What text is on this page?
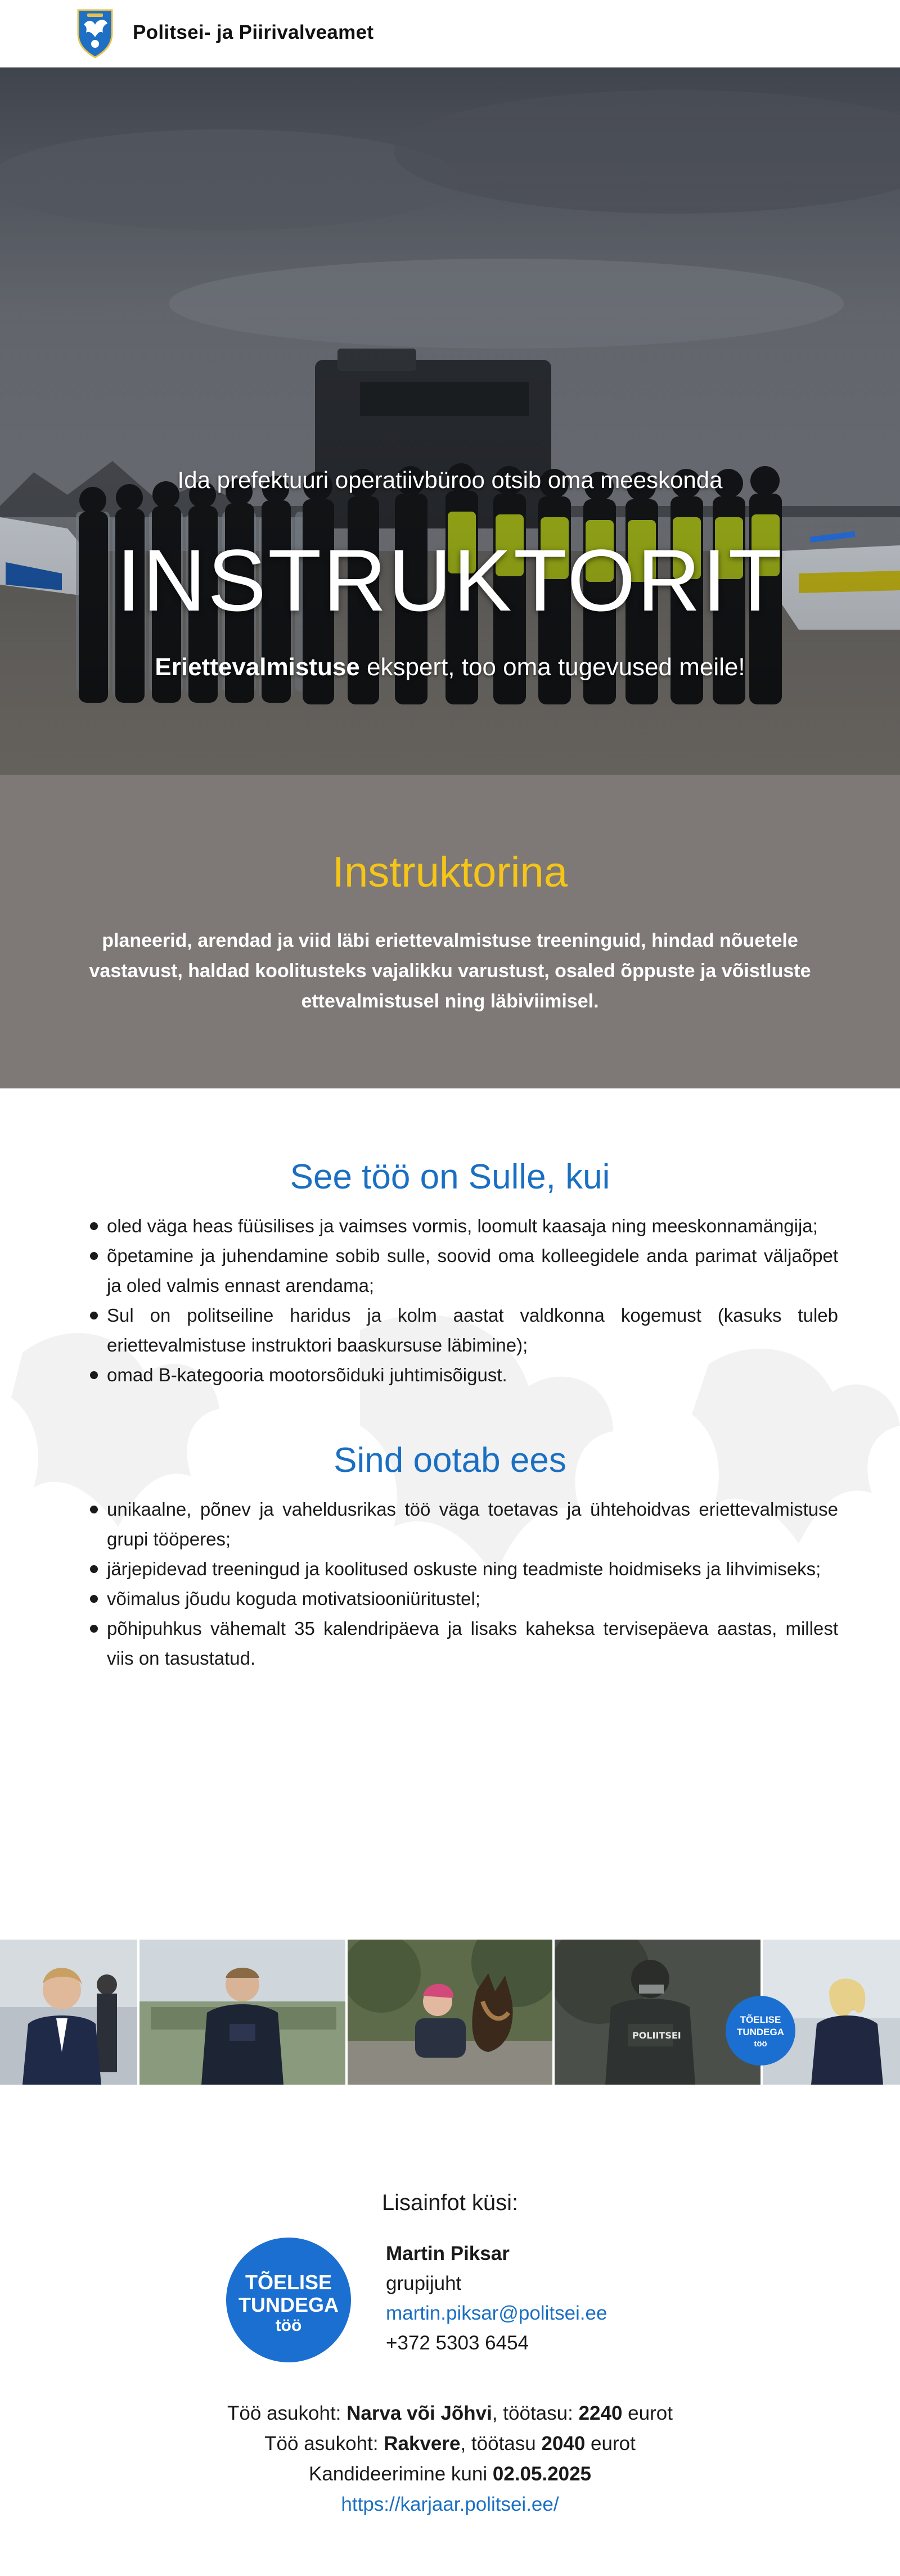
Politsei- ja Piirivalveamet
Ida prefektuuri operatiivbüroo otsib oma meeskonda
INSTRUKTORIT
Eriettevalmistuse ekspert, too oma tugevused meile!
Instruktorina
planeerid, arendad ja viid läbi eriettevalmistuse treeninguid, hindad nõuetele vastavust, haldad koolitusteks vajalikku varustust, osaled õppuste ja võistluste ettevalmistusel ning läbiviimisel.
See töö on Sulle, kui
oled väga heas füüsilises ja vaimses vormis, loomult kaasaja ning meeskonnamängija;
õpetamine ja juhendamine sobib sulle, soovid oma kolleegidele anda parimat väljaõpet ja oled valmis ennast arendama;
Sul on politseiline haridus ja kolm aastat valdkonna kogemust (kasuks tuleb eriettevalmistuse instruktori baaskursuse läbimine);
omad B-kategooria mootorsõiduki juhtimisõigust.
Sind ootab ees
unikaalne, põnev ja vaheldusrikas töö väga toetavas ja ühtehoidvas eriettevalmistuse grupi tööperes;
järjepidevad treeningud ja koolitused oskuste ning teadmiste hoidmiseks ja lihvimiseks;
võimalus jõudu koguda motivatsiooniüritustel;
põhipuhkus vähemalt 35 kalendripäeva ja lisaks kaheksa tervisepäeva aastas, millest viis on tasustatud.
POLIITSEI
TÕELISE
TUNDEGA
töö
Lisainfot küsi:
TÕELISE
TUNDEGA
töö
Martin Piksar
grupijuht
martin.piksar@politsei.ee
+372 5303 6454
Töö asukoht: Narva või Jõhvi, töötasu: 2240 eurot
Töö asukoht: Rakvere, töötasu 2040 eurot
Kandideerimine kuni 02.05.2025
https://karjaar.politsei.ee/
